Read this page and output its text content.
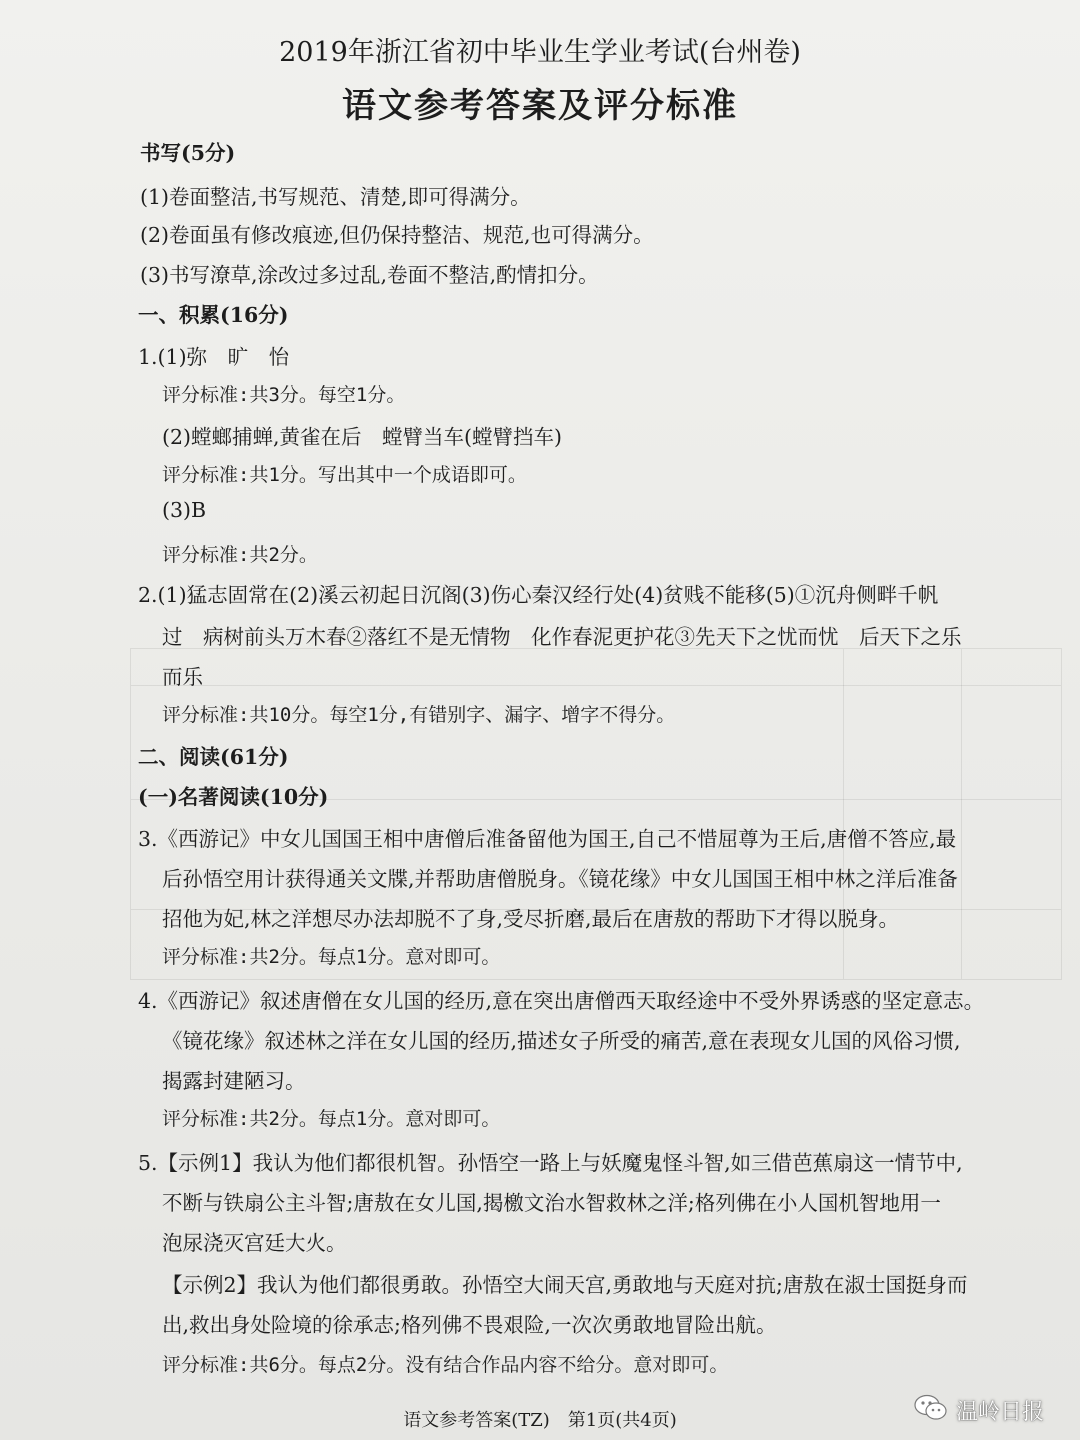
2019年浙江省初中毕业生学业考试(台州卷)
语文参考答案及评分标准
书写(5分)
(1)卷面整洁,书写规范、清楚,即可得满分。
(2)卷面虽有修改痕迹,但仍保持整洁、规范,也可得满分。
(3)书写潦草,涂改过多过乱,卷面不整洁,酌情扣分。
一、积累(16分)
1.(1)弥　旷　怡
评分标准:共3分。每空1分。
(2)螳螂捕蝉,黄雀在后　螳臂当车(螳臂挡车)
评分标准:共1分。写出其中一个成语即可。
(3)B
评分标准:共2分。
2.(1)猛志固常在(2)溪云初起日沉阁(3)伤心秦汉经行处(4)贫贱不能移(5)①沉舟侧畔千帆
过　病树前头万木春②落红不是无情物　化作春泥更护花③先天下之忧而忧　后天下之乐
而乐
评分标准:共10分。每空1分,有错别字、漏字、增字不得分。
二、阅读(61分)
(一)名著阅读(10分)
3.《西游记》中女儿国国王相中唐僧后准备留他为国王,自己不惜屈尊为王后,唐僧不答应,最
后孙悟空用计获得通关文牒,并帮助唐僧脱身。《镜花缘》中女儿国国王相中林之洋后准备
招他为妃,林之洋想尽办法却脱不了身,受尽折磨,最后在唐敖的帮助下才得以脱身。
评分标准:共2分。每点1分。意对即可。
4.《西游记》叙述唐僧在女儿国的经历,意在突出唐僧西天取经途中不受外界诱惑的坚定意志。
《镜花缘》叙述林之洋在女儿国的经历,描述女子所受的痛苦,意在表现女儿国的风俗习惯,
揭露封建陋习。
评分标准:共2分。每点1分。意对即可。
5.【示例1】我认为他们都很机智。孙悟空一路上与妖魔鬼怪斗智,如三借芭蕉扇这一情节中,
不断与铁扇公主斗智;唐敖在女儿国,揭檄文治水智救林之洋;格列佛在小人国机智地用一
泡尿浇灭宫廷大火。
【示例2】我认为他们都很勇敢。孙悟空大闹天宫,勇敢地与天庭对抗;唐敖在淑士国挺身而
出,救出身处险境的徐承志;格列佛不畏艰险,一次次勇敢地冒险出航。
评分标准:共6分。每点2分。没有结合作品内容不给分。意对即可。
语文参考答案(TZ)　第1页(共4页)	温岭日报
